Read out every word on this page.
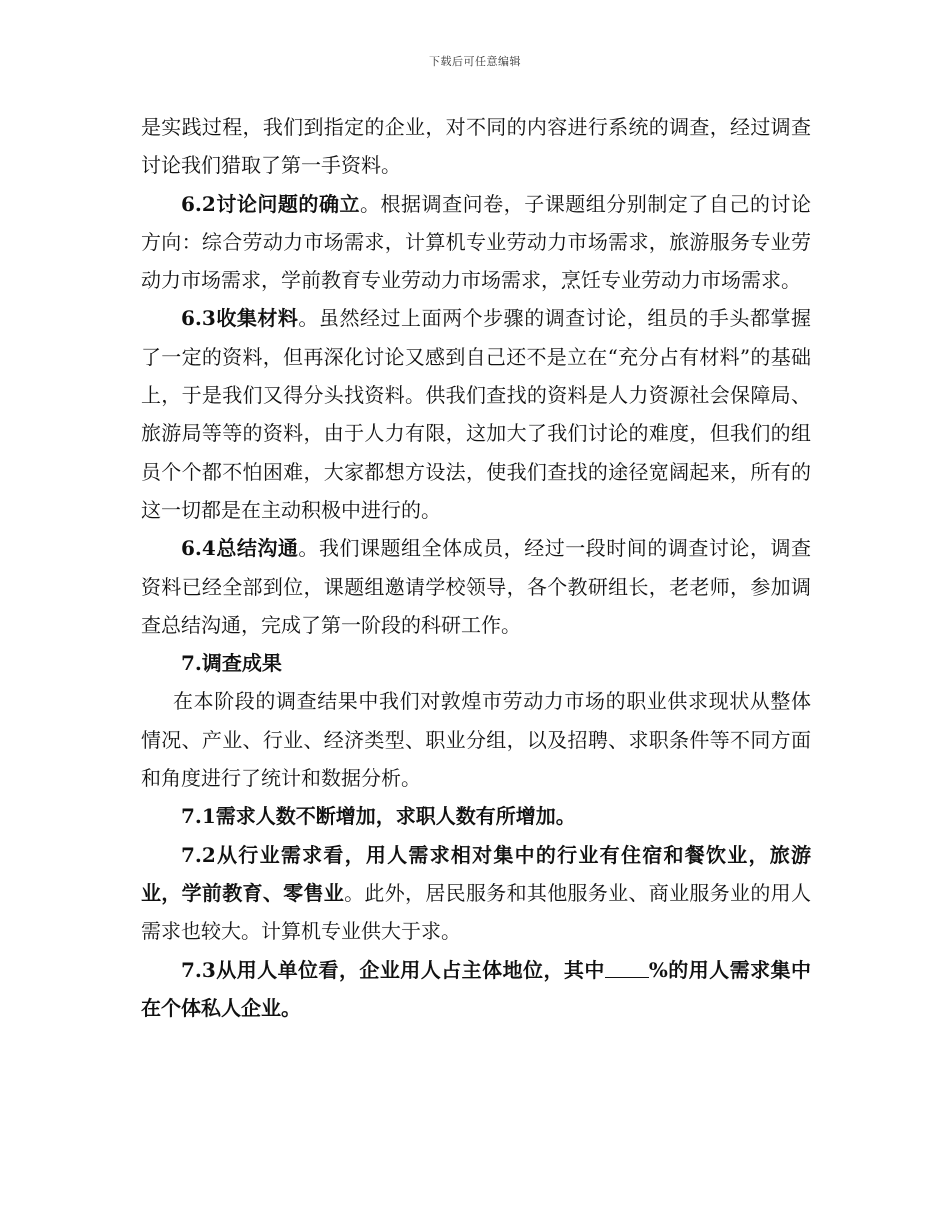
下载后可任意编辑

是实践过程，我们到指定的企业，对不同的内容进行系统的调查，经过调查讨论我们猎取了第一手资料。

6.2讨论问题的确立。根据调查问卷，子课题组分别制定了自己的讨论方向：综合劳动力市场需求，计算机专业劳动力市场需求，旅游服务专业劳动力市场需求，学前教育专业劳动力市场需求，烹饪专业劳动力市场需求。

6.3收集材料。虽然经过上面两个步骤的调查讨论，组员的手头都掌握了一定的资料，但再深化讨论又感到自己还不是立在“充分占有材料”的基础上，于是我们又得分头找资料。供我们查找的资料是人力资源社会保障局、旅游局等等的资料，由于人力有限，这加大了我们讨论的难度，但我们的组员个个都不怕困难，大家都想方设法，使我们查找的途径宽阔起来，所有的这一切都是在主动积极中进行的。

6.4总结沟通。我们课题组全体成员，经过一段时间的调查讨论，调查资料已经全部到位，课题组邀请学校领导，各个教研组长，老老师，参加调查总结沟通，完成了第一阶段的科研工作。

7.调查成果

在本阶段的调查结果中我们对敦煌市劳动力市场的职业供求现状从整体情况、产业、行业、经济类型、职业分组，以及招聘、求职条件等不同方面和角度进行了统计和数据分析。

7.1需求人数不断增加，求职人数有所增加。

7.2从行业需求看，用人需求相对集中的行业有住宿和餐饮业，旅游业，学前教育、零售业。此外，居民服务和其他服务业、商业服务业的用人需求也较大。计算机专业供大于求。

7.3从用人单位看，企业用人占主体地位，其中 %的用人需求集中在个体私人企业。
